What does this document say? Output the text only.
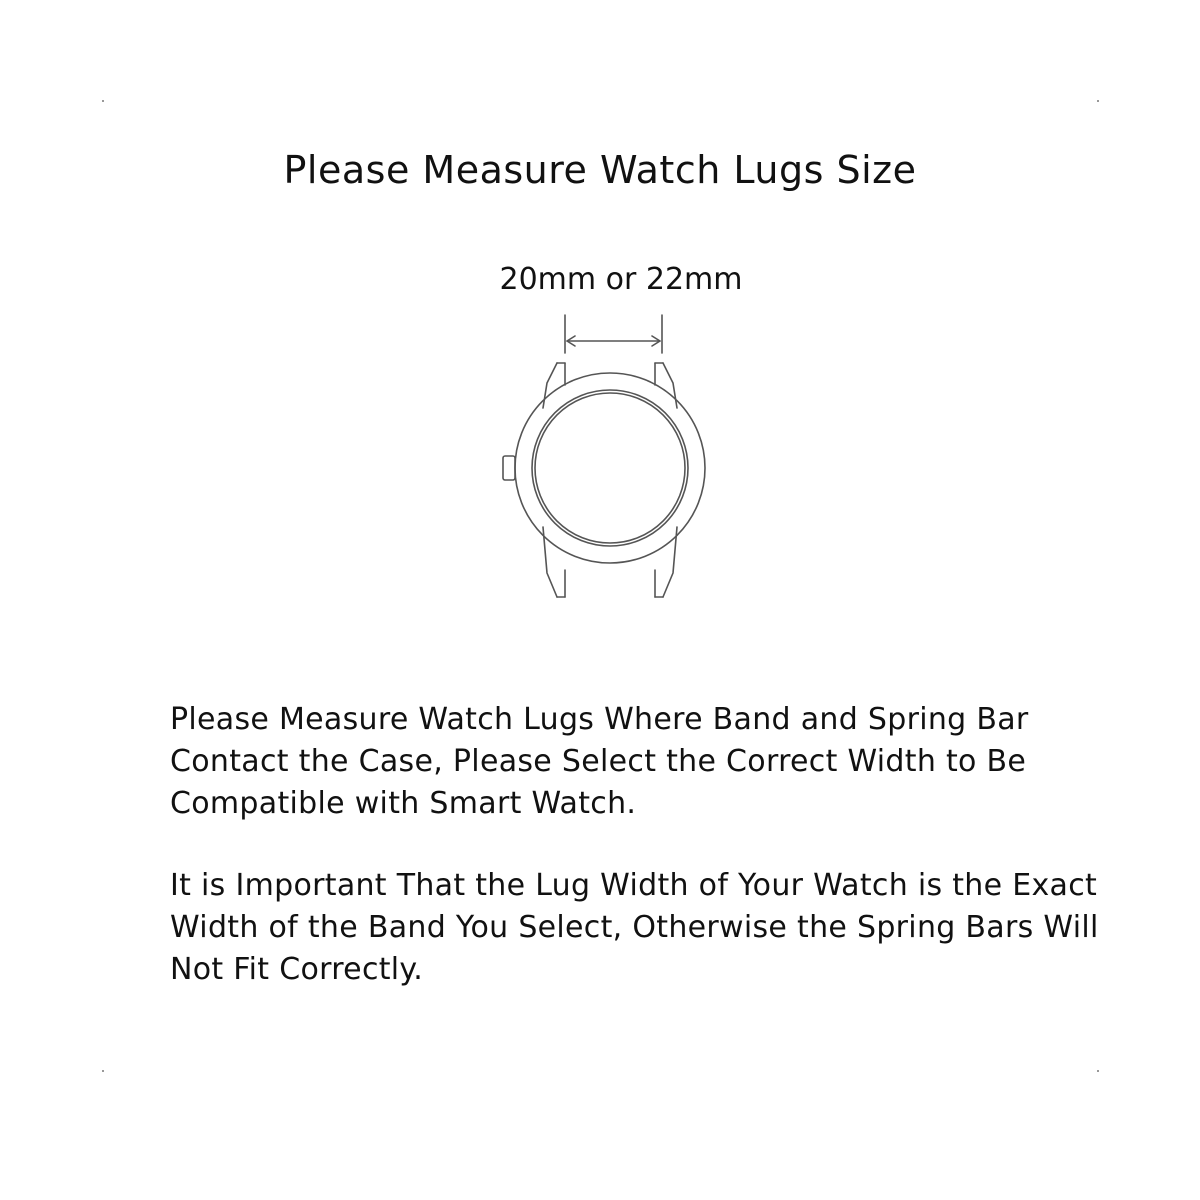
Please Measure Watch Lugs Size
20mm or 22mm

Please Measure Watch Lugs Where Band and Spring Bar Contact the Case, Please Select the Correct Width to Be Compatible with Smart Watch.

It is Important That the Lug Width of Your Watch is the Exact Width of the Band You Select, Otherwise the Spring Bars Will Not Fit Correctly.
